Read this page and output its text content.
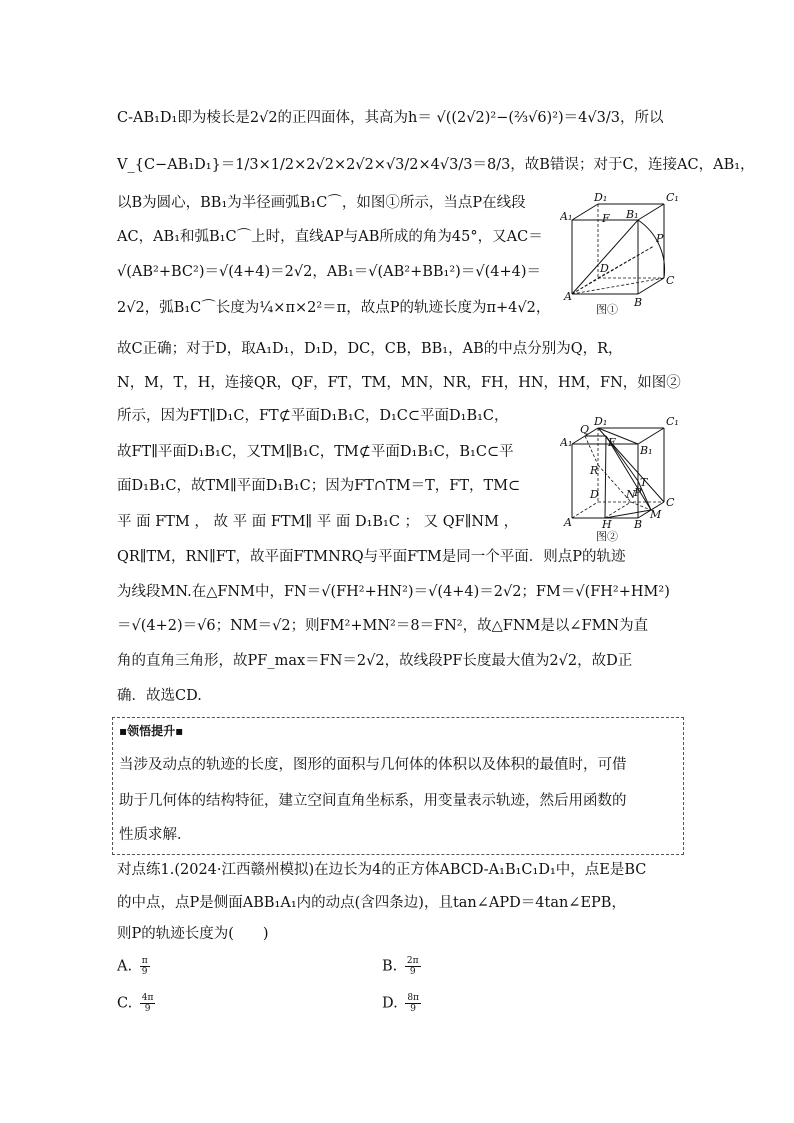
C-AB₁D₁即为棱长是2√2的正四面体，其高为h＝ √((2√2)²−(⅔√6)²)＝4√3/3，所以
V_{C−AB₁D₁}＝1/3×1/2×2√2×2√2×√3/2×4√3/3＝8/3，故B错误；对于C，连接AC，AB₁，
以B为圆心，BB₁为半径画弧B₁C⌒，如图①所示，当点P在线段
AC，AB₁和弧B₁C⌒上时，直线AP与AB所成的角为45°，又AC＝
√(AB²+BC²)＝√(4+4)＝2√2，AB₁＝√(AB²+BB₁²)＝√(4+4)＝
2√2，弧B₁C⌒长度为¼×π×2²＝π，故点P的轨迹长度为π+4√2，
故C正确；对于D，取A₁D₁，D₁D，DC，CB，BB₁，AB的中点分别为Q，R，
N，M，T，H，连接QR，QF，FT，TM，MN，NR，FH，HN，HM，FN，如图②
所示，因为FT∥D₁C，FT⊄平面D₁B₁C，D₁C⊂平面D₁B₁C，
故FT∥平面D₁B₁C，又TM∥B₁C，TM⊄平面D₁B₁C，B₁C⊂平
面D₁B₁C，故TM∥平面D₁B₁C；因为FT∩TM＝T，FT，TM⊂
平 面 FTM ， 故 平 面 FTM∥ 平 面 D₁B₁C ； 又 QF∥NM ，
QR∥TM，RN∥FT，故平面FTMNRQ与平面FTM是同一个平面．则点P的轨迹
为线段MN.在△FNM中，FN＝√(FH²+HN²)＝√(4+4)＝2√2；FM＝√(FH²+HM²)
＝√(4+2)＝√6；NM＝√2；则FM²+MN²＝8＝FN²，故△FNM是以∠FMN为直
角的直角三角形，故PF_max＝FN＝2√2，故线段PF长度最大值为2√2，故D正
确．故选CD.
D₁	C₁
A₁	F B₁
P
D
C
A	B
图①
D₁	C₁
Q
A₁	F
B₁
R
T
D N
C
P
M
A	H B
图②
▪领悟提升▪
当涉及动点的轨迹的长度，图形的面积与几何体的体积以及体积的最值时，可借
助于几何体的结构特征，建立空间直角坐标系，用变量表示轨迹，然后用函数的
性质求解．
对点练1.(2024·江西赣州模拟)在边长为4的正方体ABCD-A₁B₁C₁D₁中，点E是BC
的中点，点P是侧面ABB₁A₁内的动点(含四条边)，且tan∠APD＝4tan∠EPB，
则P的轨迹长度为(　　)
A. $\frac{\pi}{9}$	B. $\frac{2\pi}{9}$
C. $\frac{4\pi}{9}$	D. $\frac{8\pi}{9}$
